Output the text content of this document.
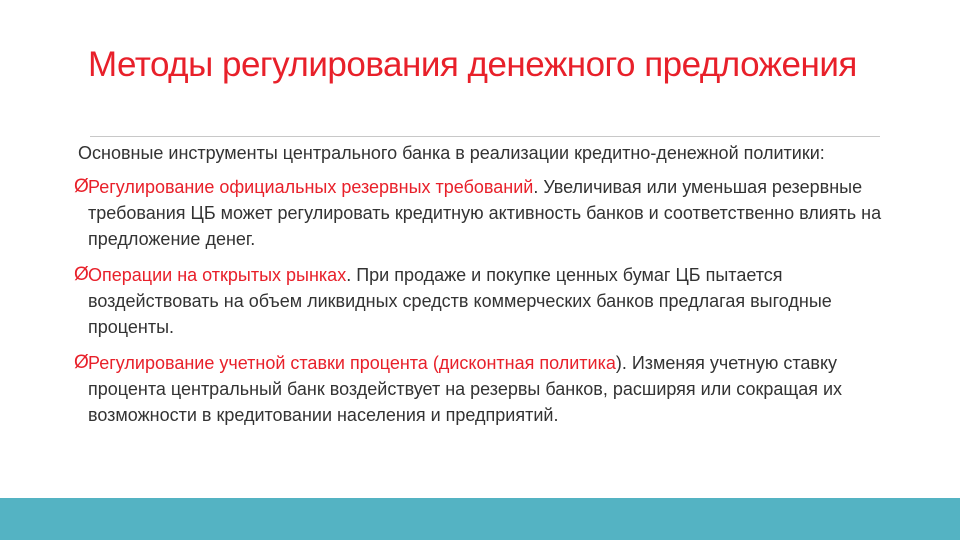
Методы регулирования денежного предложения

Основные инструменты центрального банка в реализации кредитно-денежной политики:

Ø Регулирование официальных резервных требований. Увеличивая или уменьшая резервные требования ЦБ может регулировать кредитную активность банков и соответственно влиять на предложение денег.
Ø Операции на открытых рынках. При продаже и покупке ценных бумаг ЦБ пытается воздействовать на объем ликвидных средств коммерческих банков предлагая выгодные проценты.
Ø Регулирование учетной ставки процента (дисконтная политика). Изменяя учетную ставку процента центральный банк воздействует на резервы банков, расширяя или сокращая их возможности в кредитовании населения и предприятий.
